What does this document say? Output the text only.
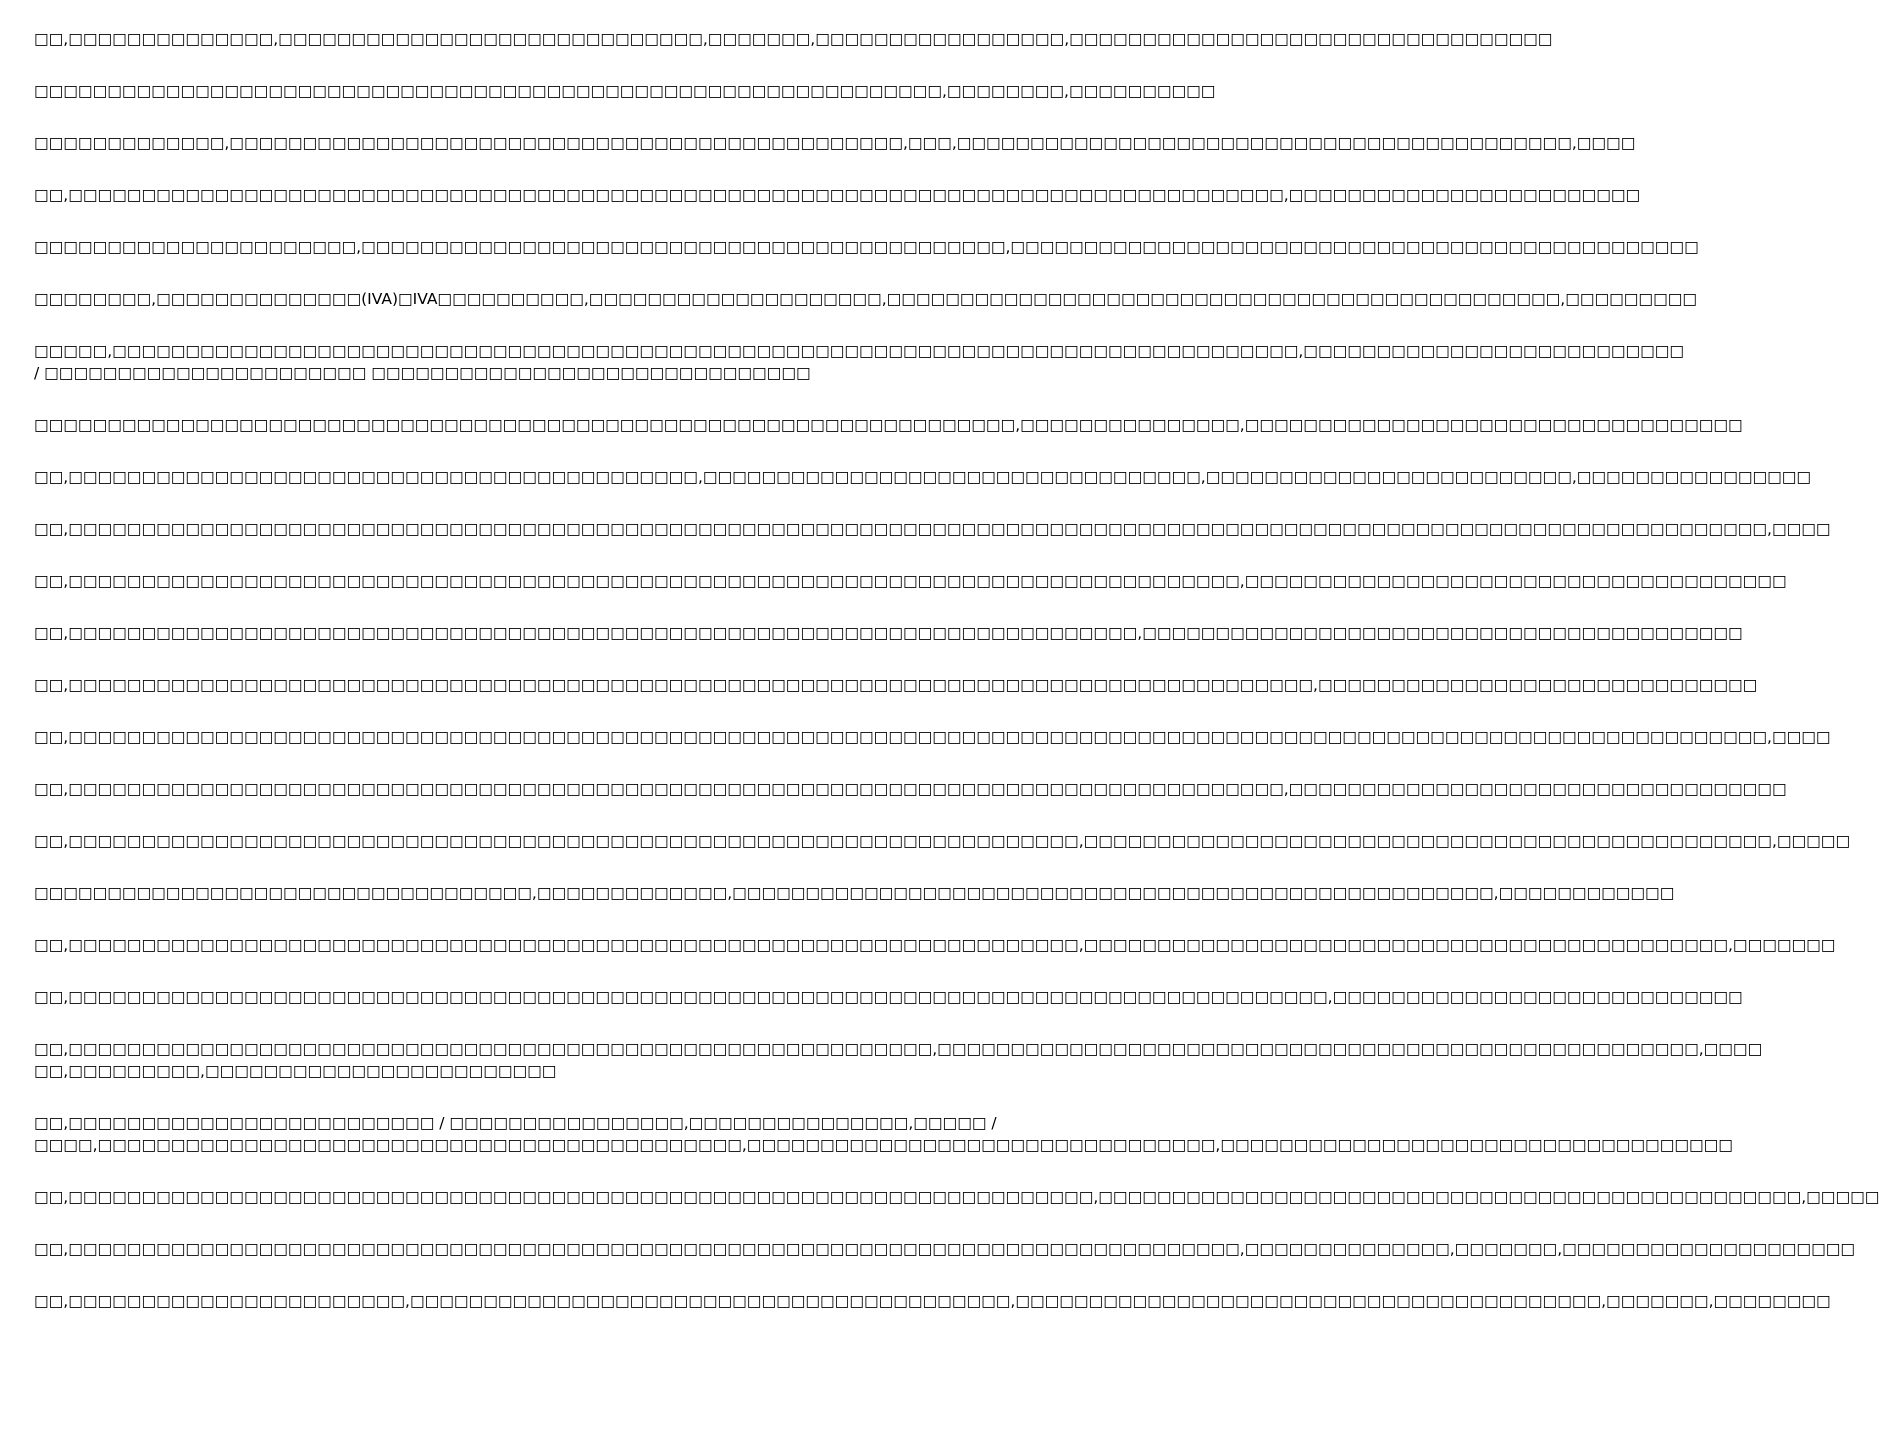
□□,□□□□□□□□□□□□□□,□□□□□□□□□□□□□□□□□□□□□□□□□□□□□,□□□□□□□,□□□□□□□□□□□□□□□□□,□□□□□□□□□□□□□□□□□□□□□□□□□□□□□□□□□

□□□□□□□□□□□□□□□□□□□□□□□□□□□□□□□□□□□□□□□□□□□□□□□□□□□□□□□□□□□□□□,□□□□□□□□,□□□□□□□□□□

□□□□□□□□□□□□□,□□□□□□□□□□□□□□□□□□□□□□□□□□□□□□□□□□□□□□□□□□□□□□,□□□,□□□□□□□□□□□□□□□□□□□□□□□□□□□□□□□□□□□□□□□□□□,□□□□

□□,□□□□□□□□□□□□□□□□□□□□□□□□□□□□□□□□□□□□□□□□□□□□□□□□□□□□□□□□□□□□□□□□□□□□□□□□□□□□□□□□□□□,□□□□□□□□□□□□□□□□□□□□□□□□

□□□□□□□□□□□□□□□□□□□□□□,□□□□□□□□□□□□□□□□□□□□□□□□□□□□□□□□□□□□□□□□□□□□,□□□□□□□□□□□□□□□□□□□□□□□□□□□□□□□□□□□□□□□□□□□□□□□

□□□□□□□□,□□□□□□□□□□□□□□(IVA)□IVA□□□□□□□□□□,□□□□□□□□□□□□□□□□□□□□,□□□□□□□□□□□□□□□□□□□□□□□□□□□□□□□□□□□□□□□□□□□□□□,□□□□□□□□□

□□□□□,□□□□□□□□□□□□□□□□□□□□□□□□□□□□□□□□□□□□□□□□□□□□□□□□□□□□□□□□□□□□□□□□□□□□□□□□□□□□□□□□□,□□□□□□□□□□□□□□□□□□□□□□□□□□
/ □□□□□□□□□□□□□□□□□□□□□□ □□□□□□□□□□□□□□□□□□□□□□□□□□□□□□

□□□□□□□□□□□□□□□□□□□□□□□□□□□□□□□□□□□□□□□□□□□□□□□□□□□□□□□□□□□□□□□□□□□,□□□□□□□□□□□□□□□,□□□□□□□□□□□□□□□□□□□□□□□□□□□□□□□□□□

□□,□□□□□□□□□□□□□□□□□□□□□□□□□□□□□□□□□□□□□□□□□□□,□□□□□□□□□□□□□□□□□□□□□□□□□□□□□□□□□□,□□□□□□□□□□□□□□□□□□□□□□□□□,□□□□□□□□□□□□□□□□

□□,□□□□□□□□□□□□□□□□□□□□□□□□□□□□□□□□□□□□□□□□□□□□□□□□□□□□□□□□□□□□□□□□□□□□□□□□□□□□□□□□□□□□□□□□□□□□□□□□□□□□□□□□□□□□□□□□□□□□,□□□□

□□,□□□□□□□□□□□□□□□□□□□□□□□□□□□□□□□□□□□□□□□□□□□□□□□□□□□□□□□□□□□□□□□□□□□□□□□□□□□□□□□□,□□□□□□□□□□□□□□□□□□□□□□□□□□□□□□□□□□□□□

□□,□□□□□□□□□□□□□□□□□□□□□□□□□□□□□□□□□□□□□□□□□□□□□□□□□□□□□□□□□□□□□□□□□□□□□□□□□,□□□□□□□□□□□□□□□□□□□□□□□□□□□□□□□□□□□□□□□□□

□□,□□□□□□□□□□□□□□□□□□□□□□□□□□□□□□□□□□□□□□□□□□□□□□□□□□□□□□□□□□□□□□□□□□□□□□□□□□□□□□□□□□□□□,□□□□□□□□□□□□□□□□□□□□□□□□□□□□□□

□□,□□□□□□□□□□□□□□□□□□□□□□□□□□□□□□□□□□□□□□□□□□□□□□□□□□□□□□□□□□□□□□□□□□□□□□□□□□□□□□□□□□□□□□□□□□□□□□□□□□□□□□□□□□□□□□□□□□□□,□□□□

□□,□□□□□□□□□□□□□□□□□□□□□□□□□□□□□□□□□□□□□□□□□□□□□□□□□□□□□□□□□□□□□□□□□□□□□□□□□□□□□□□□□□□,□□□□□□□□□□□□□□□□□□□□□□□□□□□□□□□□□□

□□,□□□□□□□□□□□□□□□□□□□□□□□□□□□□□□□□□□□□□□□□□□□□□□□□□□□□□□□□□□□□□□□□□□□□□,□□□□□□□□□□□□□□□□□□□□□□□□□□□□□□□□□□□□□□□□□□□□□□□,□□□□□

□□□□□□□□□□□□□□□□□□□□□□□□□□□□□□□□□□,□□□□□□□□□□□□□,□□□□□□□□□□□□□□□□□□□□□□□□□□□□□□□□□□□□□□□□□□□□□□□□□□□□,□□□□□□□□□□□□

□□,□□□□□□□□□□□□□□□□□□□□□□□□□□□□□□□□□□□□□□□□□□□□□□□□□□□□□□□□□□□□□□□□□□□□□,□□□□□□□□□□□□□□□□□□□□□□□□□□□□□□□□□□□□□□□□□□□□,□□□□□□□

□□,□□□□□□□□□□□□□□□□□□□□□□□□□□□□□□□□□□□□□□□□□□□□□□□□□□□□□□□□□□□□□□□□□□□□□□□□□□□□□□□□□□□□□□,□□□□□□□□□□□□□□□□□□□□□□□□□□□□

□□,□□□□□□□□□□□□□□□□□□□□□□□□□□□□□□□□□□□□□□□□□□□□□□□□□□□□□□□□□□□,□□□□□□□□□□□□□□□□□□□□□□□□□□□□□□□□□□□□□□□□□□□□□□□□□□□□,□□□□
□□,□□□□□□□□□,□□□□□□□□□□□□□□□□□□□□□□□□

□□,□□□□□□□□□□□□□□□□□□□□□□□□□ / □□□□□□□□□□□□□□□□,□□□□□□□□□□□□□□□,□□□□□ /
□□□□,□□□□□□□□□□□□□□□□□□□□□□□□□□□□□□□□□□□□□□□□□□□□,□□□□□□□□□□□□□□□□□□□□□□□□□□□□□□□□,□□□□□□□□□□□□□□□□□□□□□□□□□□□□□□□□□□□

□□,□□□□□□□□□□□□□□□□□□□□□□□□□□□□□□□□□□□□□□□□□□□□□□□□□□□□□□□□□□□□□□□□□□□□□□,□□□□□□□□□□□□□□□□□□□□□□□□□□□□□□□□□□□□□□□□□□□□□□□□,□□□□□

□□,□□□□□□□□□□□□□□□□□□□□□□□□□□□□□□□□□□□□□□□□□□□□□□□□□□□□□□□□□□□□□□□□□□□□□□□□□□□□□□□□,□□□□□□□□□□□□□□,□□□□□□□,□□□□□□□□□□□□□□□□□□□□

□□,□□□□□□□□□□□□□□□□□□□□□□□,□□□□□□□□□□□□□□□□□□□□□□□□□□□□□□□□□□□□□□□□□,□□□□□□□□□□□□□□□□□□□□□□□□□□□□□□□□□□□□□□□□,□□□□□□□,□□□□□□□□
